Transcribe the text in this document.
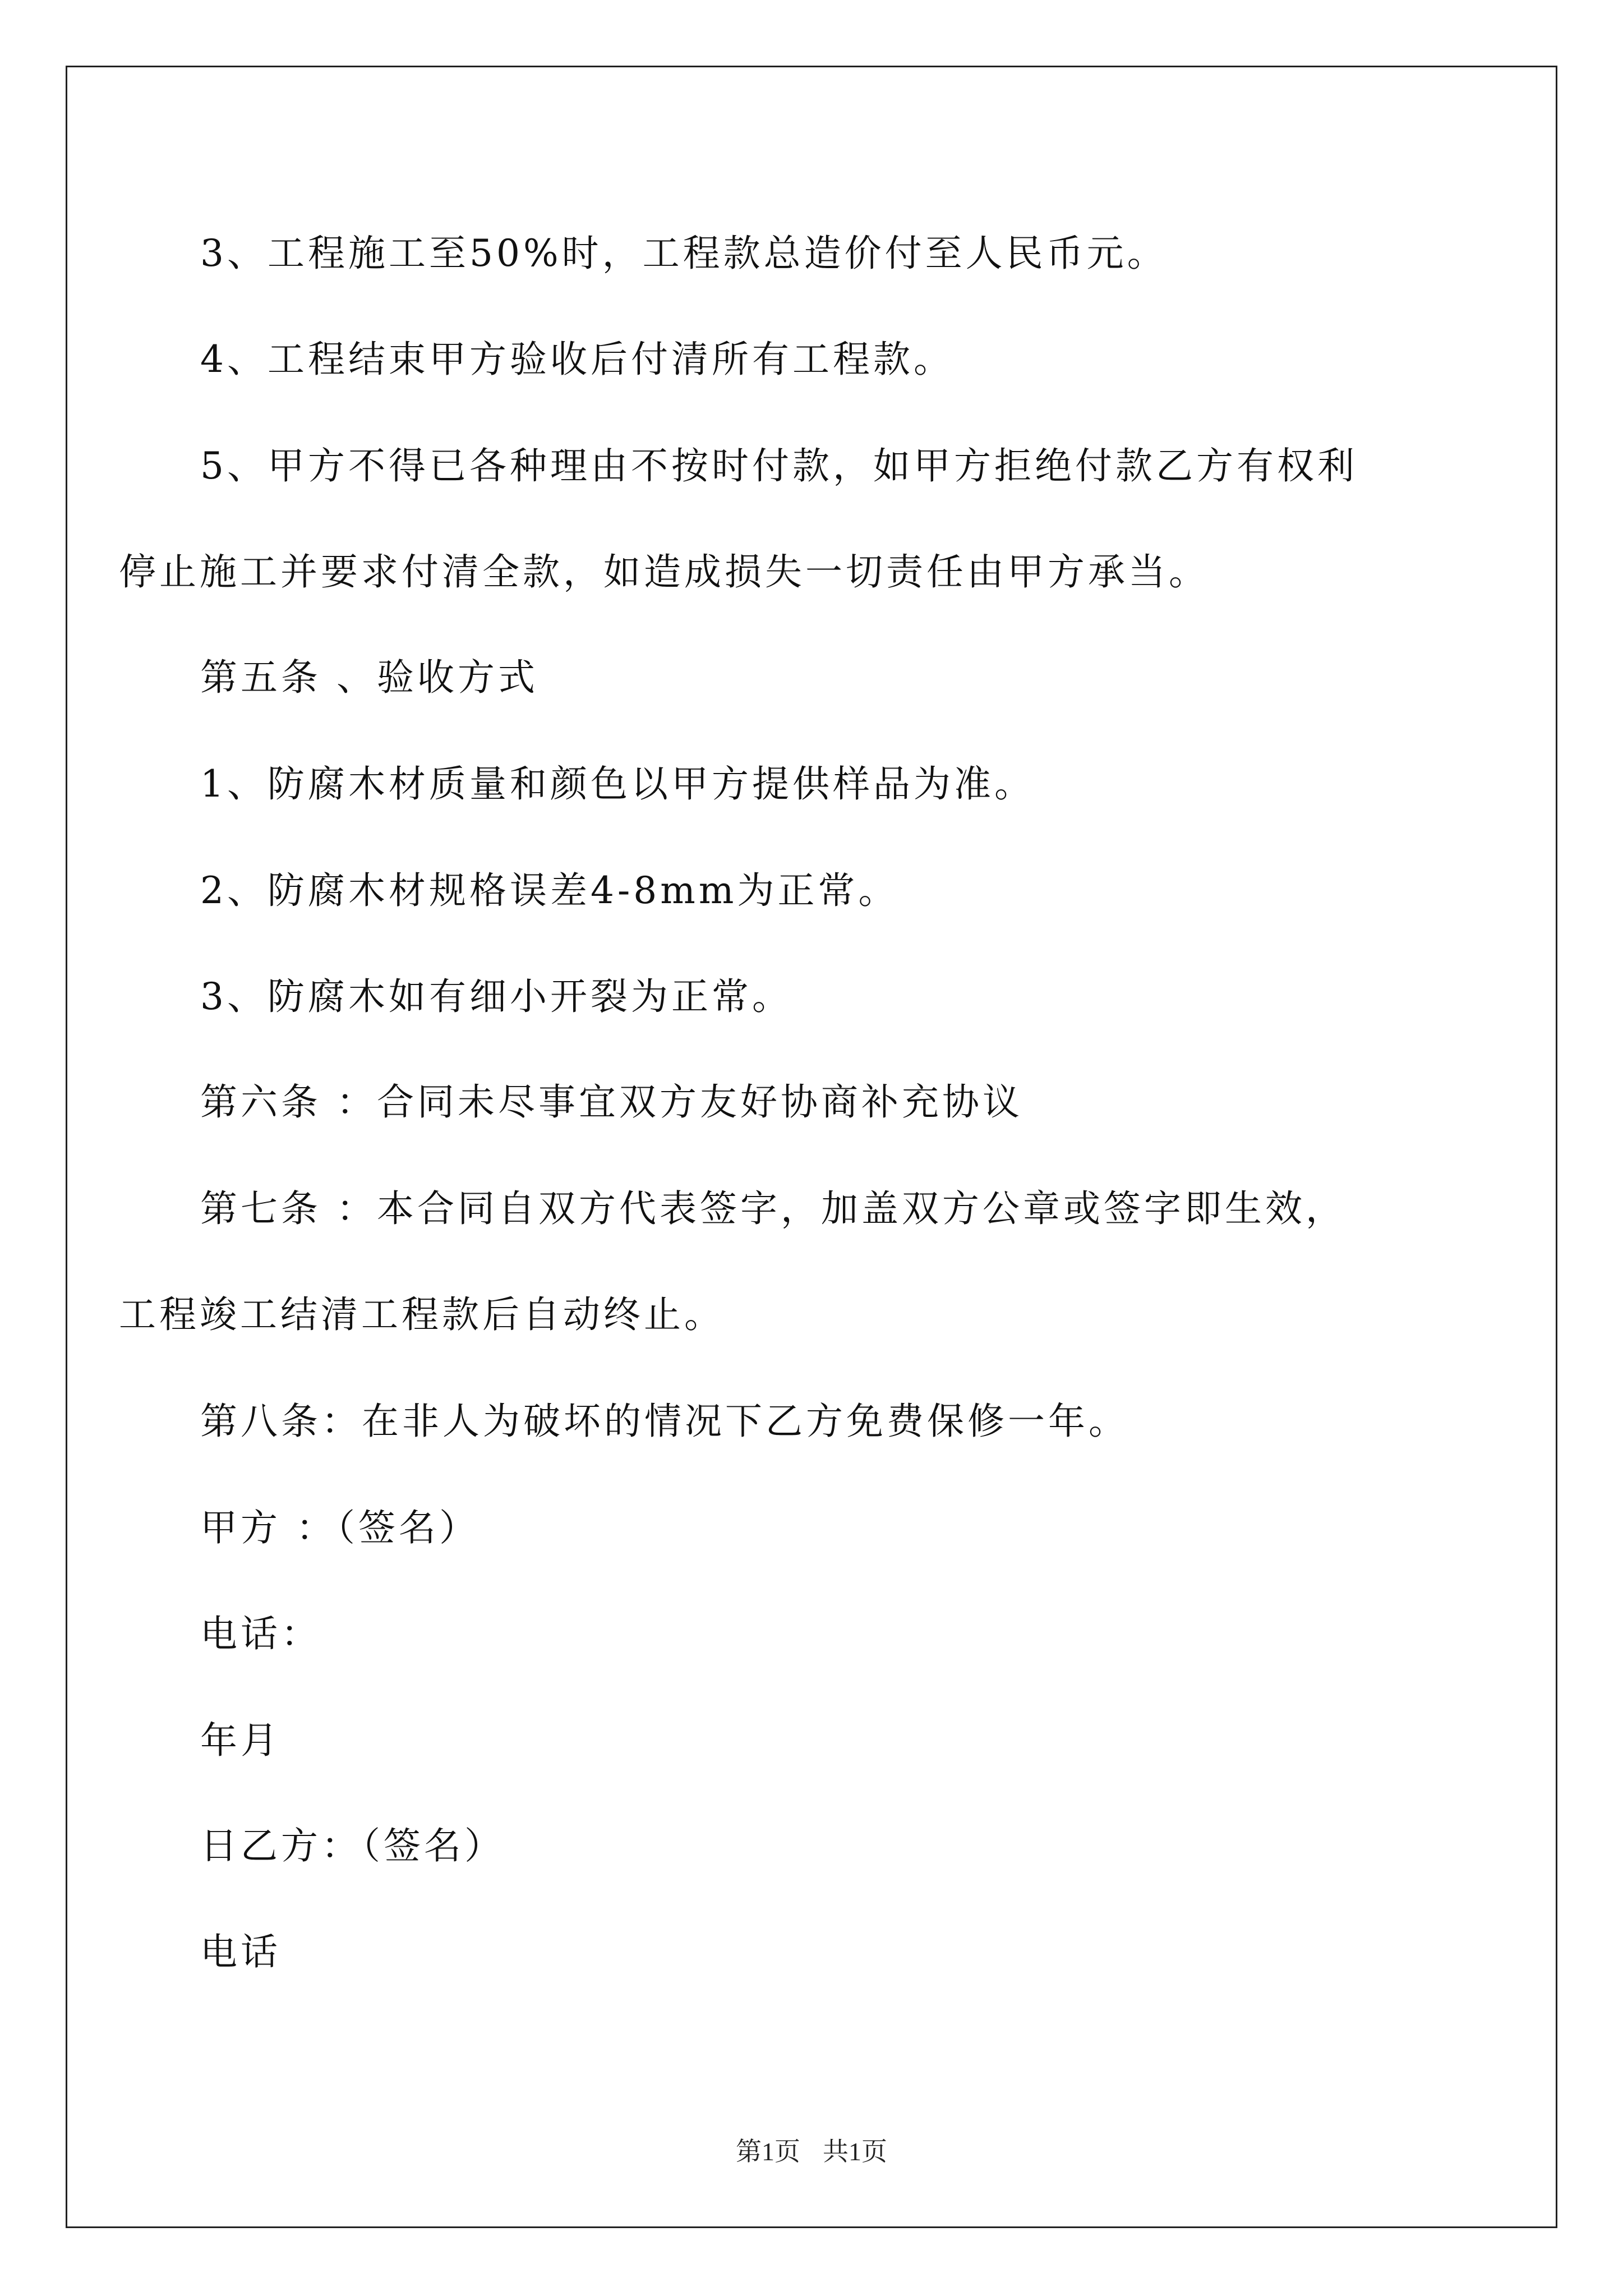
3、工程施工至50%时，工程款总造价付至人民币元。
4、工程结束甲方验收后付清所有工程款。
5、甲方不得已各种理由不按时付款，如甲方拒绝付款乙方有权利
停止施工并要求付清全款，如造成损失一切责任由甲方承当。
第五条 、验收方式
1、防腐木材质量和颜色以甲方提供样品为准。
2、防腐木材规格误差4-8mm为正常。
3、防腐木如有细小开裂为正常。
第六条 ：合同未尽事宜双方友好协商补充协议
第七条 ：本合同自双方代表签字，加盖双方公章或签字即生效，
工程竣工结清工程款后自动终止。
第八条：在非人为破坏的情况下乙方免费保修一年。
甲方 ：（签名）
电话：
年月
日乙方：（签名）
电话
第1页 共1页
